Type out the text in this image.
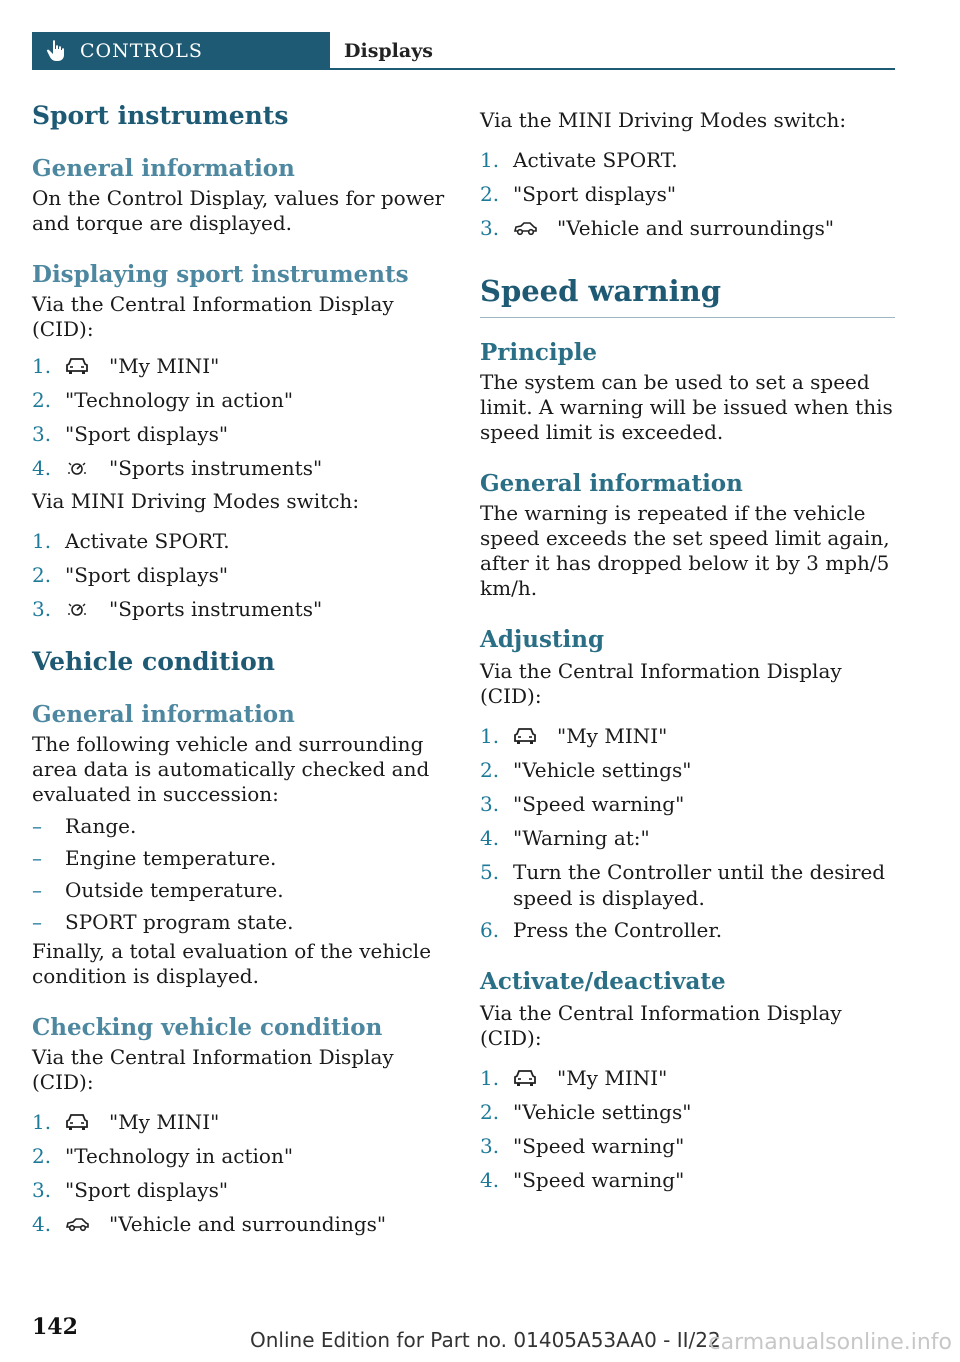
CONTROLS	Displays
Sport instruments
General information

On the Control Display, values for power and torque are displayed.

Displaying sport instruments

Via the Central Information Display (CID):

1.	"My MINI"
2. "Technology in action"
3. "Sport displays"
4.	"Sports instruments"

Via MINI Driving Modes switch:

1. Activate SPORT.
2. "Sport displays"
3.	"Sports instruments"
Vehicle condition
General information

The following vehicle and surrounding area data is automatically checked and evaluated in succession:

– Range.
– Engine temperature.
– Outside temperature.
– SPORT program state.

Finally, a total evaluation of the vehicle condition is displayed.

Checking vehicle condition

Via the Central Information Display (CID):

1.	"My MINI"
2. "Technology in action"
3. "Sport displays"
4.	"Vehicle and surroundings"

Via the MINI Driving Modes switch:

1. Activate SPORT.
2. "Sport displays"
3.	"Vehicle and surroundings"
Speed warning
Principle

The system can be used to set a speed limit. A warning will be issued when this speed limit is exceeded.

General information

The warning is repeated if the vehicle speed exceeds the set speed limit again, after it has dropped below it by 3 mph/5 km/h.

Adjusting

Via the Central Information Display (CID):

1.	"My MINI"
2. "Vehicle settings"
3. "Speed warning"
4. "Warning at:"
5. Turn the Controller until the desired speed is displayed.
6. Press the Controller.
Activate/deactivate

Via the Central Information Display (CID):

1.	"My MINI"
2. "Vehicle settings"
3. "Speed warning"
4. "Speed warning"
142	Online Edition for Part no. 01405A53AA0 - II/22
carmanualsonline.info
